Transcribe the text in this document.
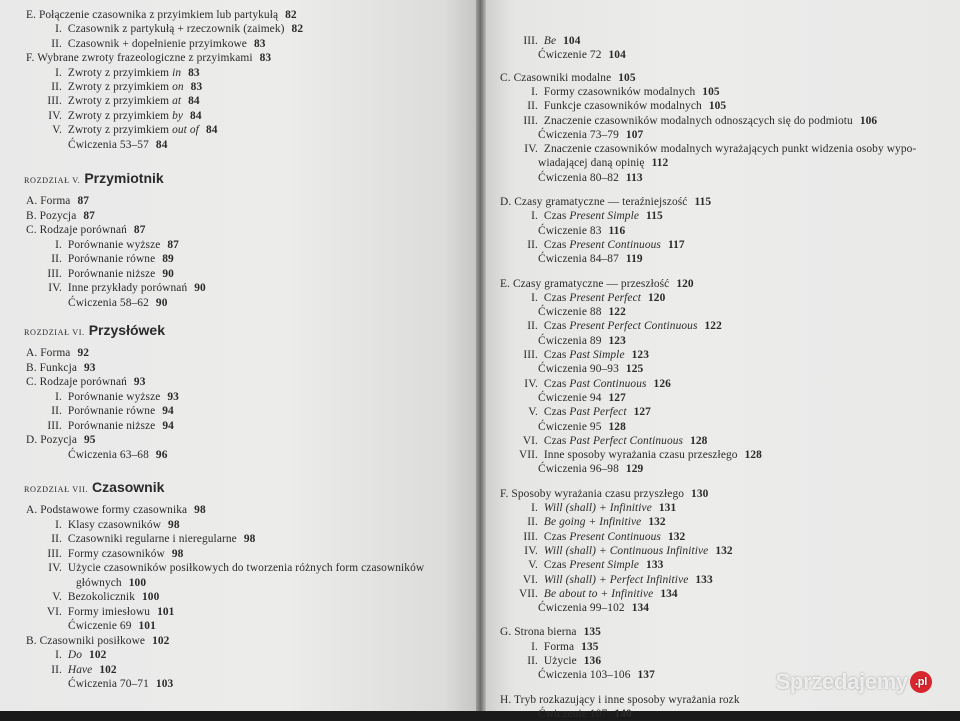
E. Połączenie czasownika z przyimkiem lub partykułą 82
I. Czasownik z partykułą + rzeczownik (zaimek) 82
II. Czasownik + dopełnienie przyimkowe 83
F. Wybrane zwroty frazeologiczne z przyimkami 83
I. Zwroty z przyimkiem in 83
II. Zwroty z przyimkiem on 83
III. Zwroty z przyimkiem at 84
IV. Zwroty z przyimkiem by 84
V. Zwroty z przyimkiem out of 84
Ćwiczenia 53–57 84
ROZDZIAŁ V. Przymiotnik
A. Forma 87
B. Pozycja 87
C. Rodzaje porównań 87
I. Porównanie wyższe 87
II. Porównanie równe 89
III. Porównanie niższe 90
IV. Inne przykłady porównań 90
Ćwiczenia 58–62 90
ROZDZIAŁ VI. Przysłówek
A. Forma 92
B. Funkcja 93
C. Rodzaje porównań 93
I. Porównanie wyższe 93
II. Porównanie równe 94
III. Porównanie niższe 94
D. Pozycja 95
Ćwiczenia 63–68 96
ROZDZIAŁ VII. Czasownik
A. Podstawowe formy czasownika 98
I. Klasy czasowników 98
II. Czasowniki regularne i nieregularne 98
III. Formy czasowników 98
IV. Użycie czasowników posiłkowych do tworzenia różnych form czasowników
głównych 100
V. Bezokolicznik 100
VI. Formy imiesłowu 101
Ćwiczenie 69 101
B. Czasowniki posiłkowe 102
I. Do 102
II. Have 102
Ćwiczenia 70–71 103
III. Be 104
Ćwiczenie 72 104
C. Czasowniki modalne 105
I. Formy czasowników modalnych 105
II. Funkcje czasowników modalnych 105
III. Znaczenie czasowników modalnych odnoszących się do podmiotu 106
Ćwiczenia 73–79 107
IV. Znaczenie czasowników modalnych wyrażających punkt widzenia osoby wypo-
wiadającej daną opinię 112
Ćwiczenia 80–82 113
D. Czasy gramatyczne — teraźniejszość 115
I. Czas Present Simple 115
Ćwiczenie 83 116
II. Czas Present Continuous 117
Ćwiczenia 84–87 119
E. Czasy gramatyczne — przeszłość 120
I. Czas Present Perfect 120
Ćwiczenie 88 122
II. Czas Present Perfect Continuous 122
Ćwiczenia 89 123
III. Czas Past Simple 123
Ćwiczenia 90–93 125
IV. Czas Past Continuous 126
Ćwiczenie 94 127
V. Czas Past Perfect 127
Ćwiczenie 95 128
VI. Czas Past Perfect Continuous 128
VII. Inne sposoby wyrażania czasu przeszłego 128
Ćwiczenia 96–98 129
F. Sposoby wyrażania czasu przyszłego 130
I. Will (shall) + Infinitive 131
II. Be going + Infinitive 132
III. Czas Present Continuous 132
IV. Will (shall) + Continuous Infinitive 132
V. Czas Present Simple 133
VI. Will (shall) + Perfect Infinitive 133
VII. Be about to + Infinitive 134
Ćwiczenia 99–102 134
G. Strona bierna 135
I. Forma 135
II. Użycie 136
Ćwiczenia 103–106 137
H. Tryb rozkazujący i inne sposoby wyrażania rozk
Ćwiczenie 107 140
Sprzedajemy .pl
